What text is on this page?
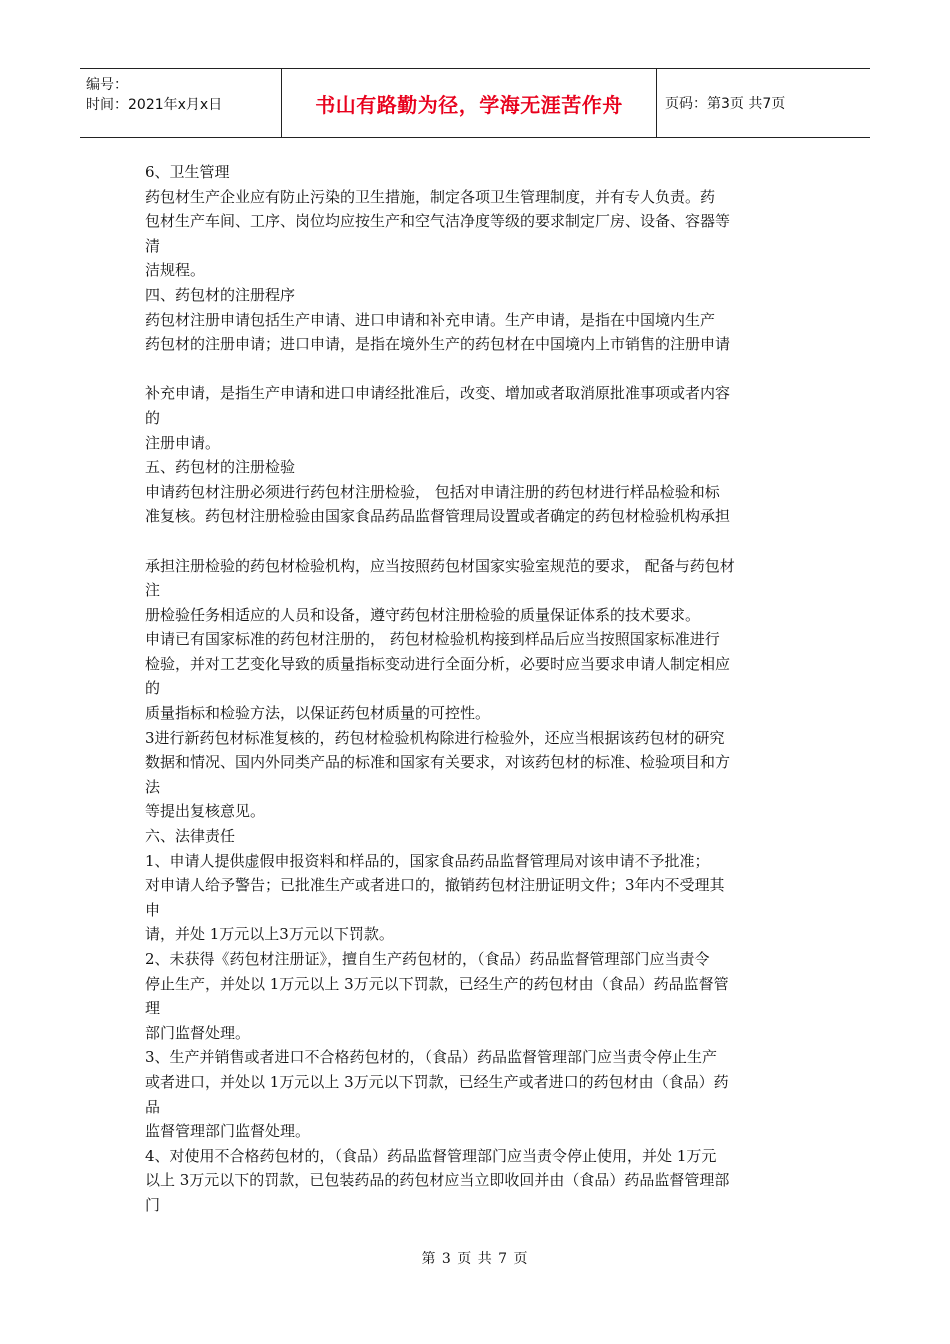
编号：
时间：2021年x月x日	书山有路勤为径，学海无涯苦作舟	页码：第3页 共7页
6、卫生管理
药包材生产企业应有防止污染的卫生措施，制定各项卫生管理制度，并有专人负责。药
包材生产车间、工序、岗位均应按生产和空气洁净度等级的要求制定厂房、设备、容器等
清
洁规程。
四、药包材的注册程序
药包材注册申请包括生产申请、进口申请和补充申请。生产申请，是指在中国境内生产
药包材的注册申请；进口申请，是指在境外生产的药包材在中国境内上市销售的注册申请
补充申请，是指生产申请和进口申请经批准后，改变、增加或者取消原批准事项或者内容
的
注册申请。
五、药包材的注册检验
申请药包材注册必须进行药包材注册检验， 包括对申请注册的药包材进行样品检验和标
准复核。药包材注册检验由国家食品药品监督管理局设置或者确定的药包材检验机构承担
承担注册检验的药包材检验机构，应当按照药包材国家实验室规范的要求， 配备与药包材
注
册检验任务相适应的人员和设备，遵守药包材注册检验的质量保证体系的技术要求。
申请已有国家标准的药包材注册的， 药包材检验机构接到样品后应当按照国家标准进行
检验，并对工艺变化导致的质量指标变动进行全面分析，必要时应当要求申请人制定相应
的
质量指标和检验方法，以保证药包材质量的可控性。
3进行新药包材标准复核的，药包材检验机构除进行检验外，还应当根据该药包材的研究
数据和情况、国内外同类产品的标准和国家有关要求，对该药包材的标准、检验项目和方
法
等提出复核意见。
六、法律责任
1、申请人提供虚假申报资料和样品的，国家食品药品监督管理局对该申请不予批准；
对申请人给予警告；已批准生产或者进口的，撤销药包材注册证明文件；3年内不受理其
申
请，并处 1万元以上3万元以下罚款。
2、未获得《药包材注册证》，擅自生产药包材的，（食品）药品监督管理部门应当责令
停止生产，并处以 1万元以上 3万元以下罚款，已经生产的药包材由（食品）药品监督管
理
部门监督处理。
3、生产并销售或者进口不合格药包材的，（食品）药品监督管理部门应当责令停止生产
或者进口，并处以 1万元以上 3万元以下罚款，已经生产或者进口的药包材由（食品）药
品
监督管理部门监督处理。
4、对使用不合格药包材的，（食品）药品监督管理部门应当责令停止使用，并处 1万元
以上 3万元以下的罚款，已包装药品的药包材应当立即收回并由（食品）药品监督管理部
门
第 3 页 共 7 页
